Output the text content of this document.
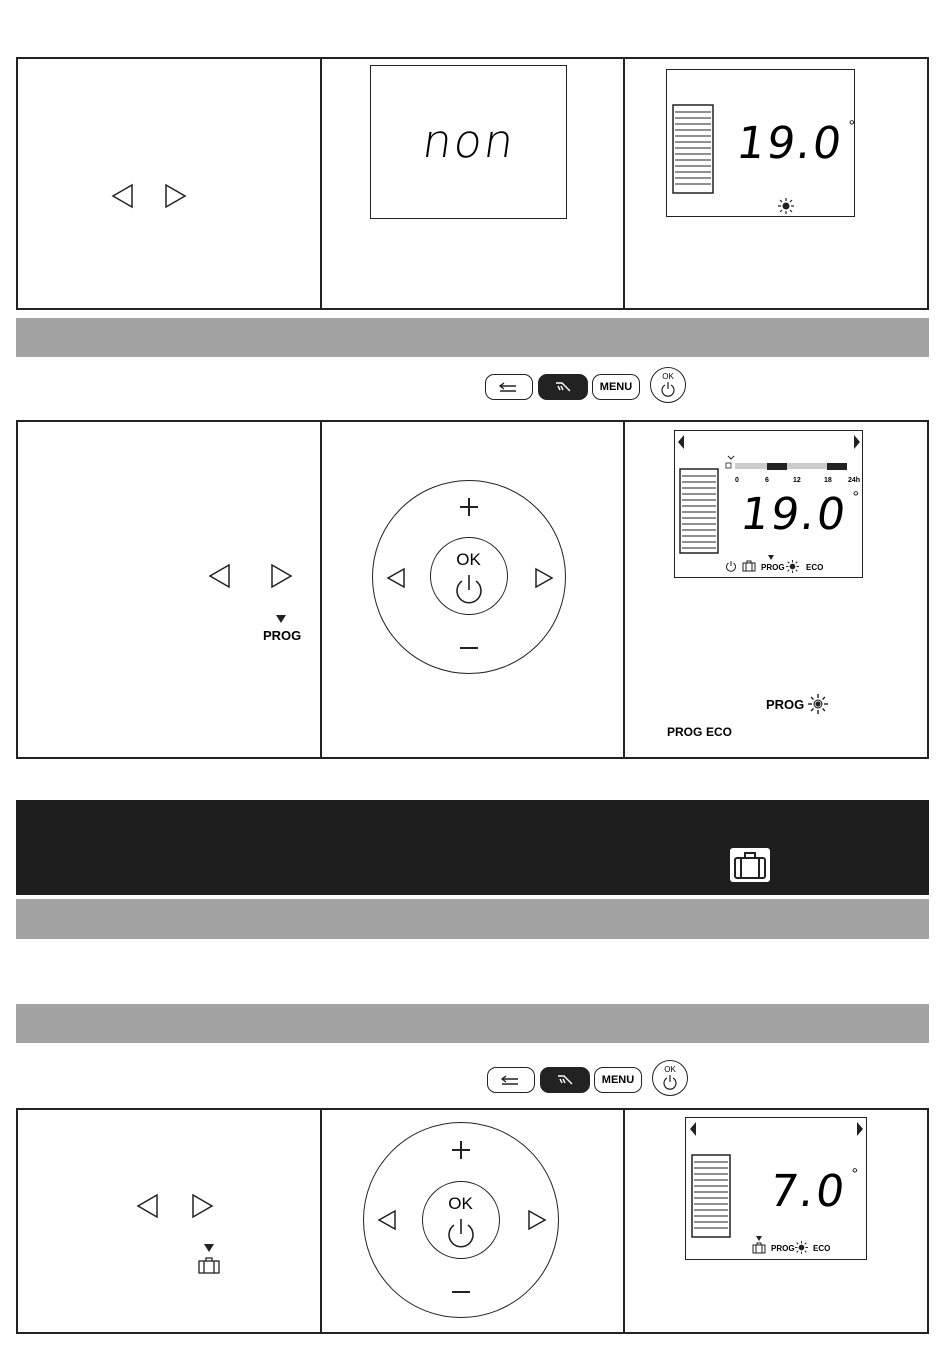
non	19.0 °
MENU
OK
PROG
OK
0	6	12	18 24h
19.0 °
PROG	ECO
PROG
PROG ECO
MENU
OK
OK	7.0 °
PROG ECO
